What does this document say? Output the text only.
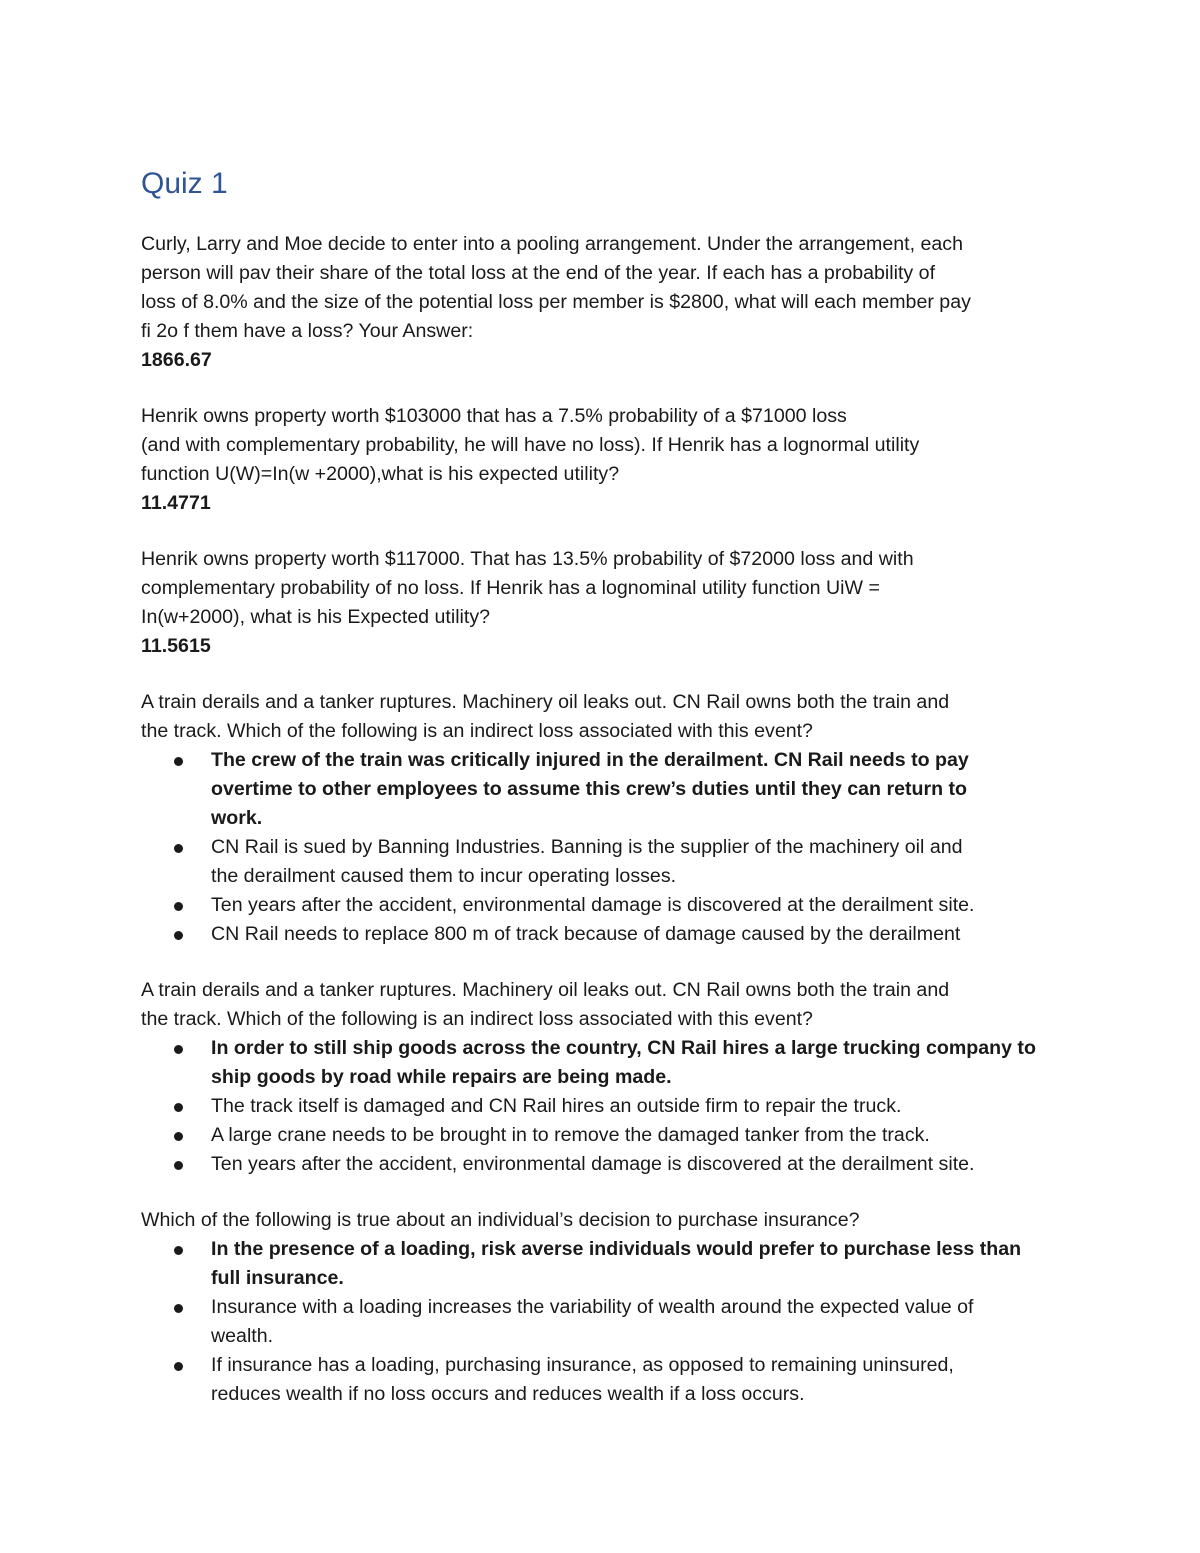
Quiz 1

Curly, Larry and Moe decide to enter into a pooling arrangement. Under the arrangement, each
person will pav their share of the total loss at the end of the year. If each has a probability of
loss of 8.0% and the size of the potential loss per member is $2800, what will each member pay
fi 2o f them have a loss? Your Answer:

1866.67

Henrik owns property worth $103000 that has a 7.5% probability of a $71000 loss
(and with complementary probability, he will have no loss). If Henrik has a lognormal utility
function U(W)=In(w +2000),what is his expected utility?

11.4771

Henrik owns property worth $117000. That has 13.5% probability of $72000 loss and with
complementary probability of no loss. If Henrik has a lognominal utility function UiW =
In(w+2000), what is his Expected utility?

11.5615

A train derails and a tanker ruptures. Machinery oil leaks out. CN Rail owns both the train and
the track. Which of the following is an indirect loss associated with this event?

The crew of the train was critically injured in the derailment. CN Rail needs to pay
overtime to other employees to assume this crew’s duties until they can return to
work.
CN Rail is sued by Banning Industries. Banning is the supplier of the machinery oil and
the derailment caused them to incur operating losses.
Ten years after the accident, environmental damage is discovered at the derailment site.
CN Rail needs to replace 800 m of track because of damage caused by the derailment

A train derails and a tanker ruptures. Machinery oil leaks out. CN Rail owns both the train and
the track. Which of the following is an indirect loss associated with this event?

In order to still ship goods across the country, CN Rail hires a large trucking company to
ship goods by road while repairs are being made.
The track itself is damaged and CN Rail hires an outside firm to repair the truck.
A large crane needs to be brought in to remove the damaged tanker from the track.
Ten years after the accident, environmental damage is discovered at the derailment site.

Which of the following is true about an individual’s decision to purchase insurance?

In the presence of a loading, risk averse individuals would prefer to purchase less than
full insurance.
Insurance with a loading increases the variability of wealth around the expected value of
wealth.
If insurance has a loading, purchasing insurance, as opposed to remaining uninsured,
reduces wealth if no loss occurs and reduces wealth if a loss occurs.
